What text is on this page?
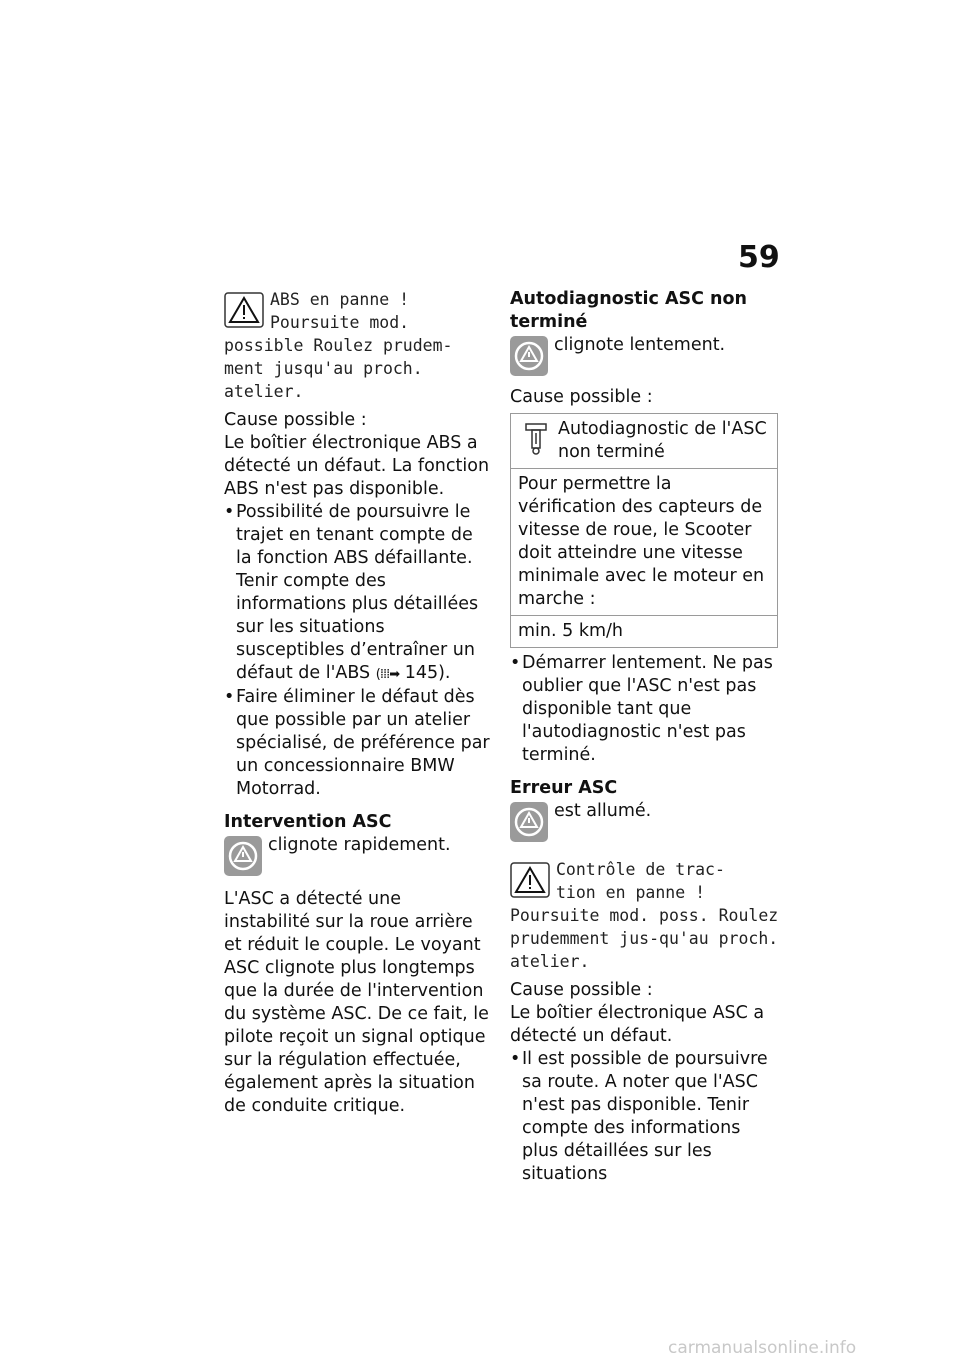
59
ABS en panne !
Poursuite mod.
possible Roulez prudem-ment jusqu'au proch. atelier.

Cause possible :

Le boîtier électronique ABS a détecté un défaut. La fonction ABS n'est pas disponible.

• Possibilité de poursuivre le trajet en tenant compte de la fonction ABS défaillante. Tenir compte des informations plus détaillées sur les situations susceptibles d’entraîner un défaut de l'ABS (⁞⁞⁞➡ 145).
• Faire éliminer le défaut dès que possible par un atelier spécialisé, de préférence par un concessionnaire BMW Motorrad.

Intervention ASC

clignote rapidement.

L'ASC a détecté une instabilité sur la roue arrière et réduit le couple. Le voyant ASC clignote plus longtemps que la durée de l'intervention du système ASC. De ce fait, le pilote reçoit un signal optique sur la régulation effectuée, également après la situation de conduite critique.

Autodiagnostic ASC non terminé

clignote lentement.

Cause possible :

Autodiagnostic de l'ASC non terminé
Pour permettre la vérification des capteurs de vitesse de roue, le Scooter doit atteindre une vitesse minimale avec le moteur en marche :
min. 5 km/h
• Démarrer lentement. Ne pas oublier que l'ASC n'est pas disponible tant que l'autodiagnostic n'est pas terminé.

Erreur ASC

est allumé.

Contrôle de trac-
tion en panne !
Poursuite mod. poss. Roulez prudemment jus-qu'au proch. atelier.

Cause possible :

Le boîtier électronique ASC a détecté un défaut.

• Il est possible de poursuivre sa route. A noter que l'ASC n'est pas disponible. Tenir compte des informations plus détaillées sur les situations
carmanualsonline.info
